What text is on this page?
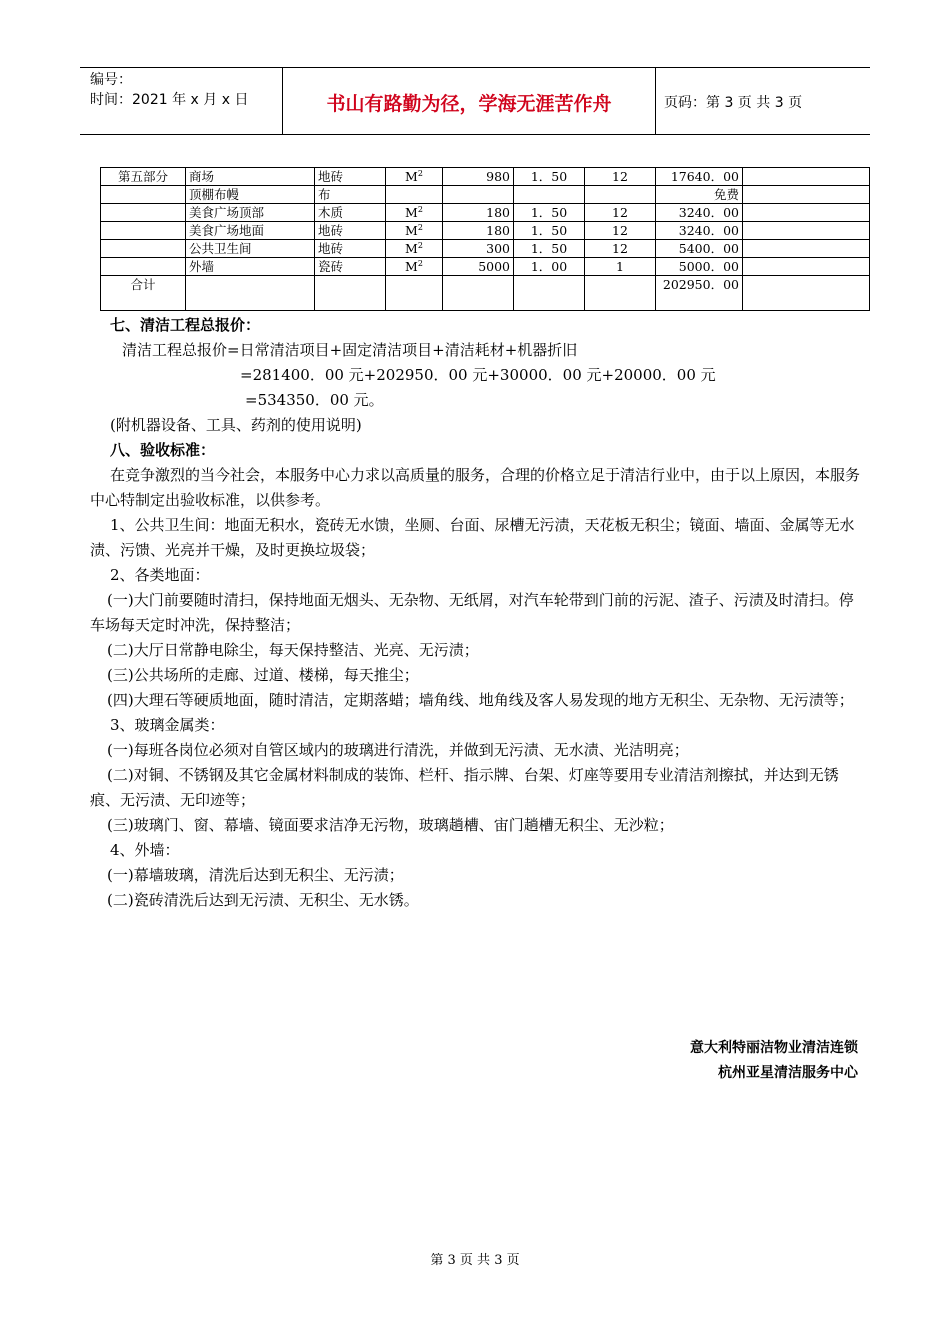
编号：
时间：2021 年 x 月 x 日	书山有路勤为径，学海无涯苦作舟	页码：第 3 页 共 3 页
第五部分	商场	地砖	$M^2$	980	1．50	12	17640．00	
	顶棚布幔	布					免费	
	美食广场顶部	木质	$M^2$	180	1．50	12	3240．00	
	美食广场地面	地砖	$M^2$	180	1．50	12	3240．00	
	公共卫生间	地砖	$M^2$	300	1．50	12	5400．00	
	外墙	瓷砖	$M^2$	5000	1．00	1	5000．00	
合计							202950．00	

七、清洁工程总报价：

清洁工程总报价=日常清洁项目+固定清洁项目+清洁耗材+机器折旧

=281400．00 元+202950．00 元+30000．00 元+20000．00 元

=534350．00 元。

(附机器设备、工具、药剂的使用说明)

八、验收标准：

在竞争激烈的当今社会，本服务中心力求以高质量的服务，合理的价格立足于清洁行业中，由于以上原因，本服务中心特制定出验收标准，以供参考。

1、公共卫生间：地面无积水，瓷砖无水馈，坐厕、台面、尿槽无污渍，天花板无积尘；镜面、墙面、金属等无水渍、污馈、光亮并干燥，及时更换垃圾袋；

2、各类地面：

(一)大门前要随时清扫，保持地面无烟头、无杂物、无纸屑，对汽车轮带到门前的污泥、渣子、污渍及时清扫。停车场每天定时冲洗，保持整洁；

(二)大厅日常静电除尘，每天保持整洁、光亮、无污渍；

(三)公共场所的走廊、过道、楼梯，每天推尘；

(四)大理石等硬质地面，随时清洁，定期落蜡；墙角线、地角线及客人易发现的地方无积尘、无杂物、无污渍等；

3、玻璃金属类：

(一)每班各岗位必须对自管区域内的玻璃进行清洗，并做到无污渍、无水渍、光洁明亮；

(二)对铜、不锈钢及其它金属材料制成的装饰、栏杆、指示牌、台架、灯座等要用专业清洁剂擦拭，并达到无锈痕、无污渍、无印迹等；

(三)玻璃门、窗、幕墙、镜面要求洁净无污物，玻璃趟槽、宙门趟槽无积尘、无沙粒；

4、外墙：

(一)幕墙玻璃，清洗后达到无积尘、无污渍；

(二)瓷砖清洗后达到无污渍、无积尘、无水锈。

意大利特丽洁物业清洁连锁
杭州亚星清洁服务中心
第 3 页 共 3 页
